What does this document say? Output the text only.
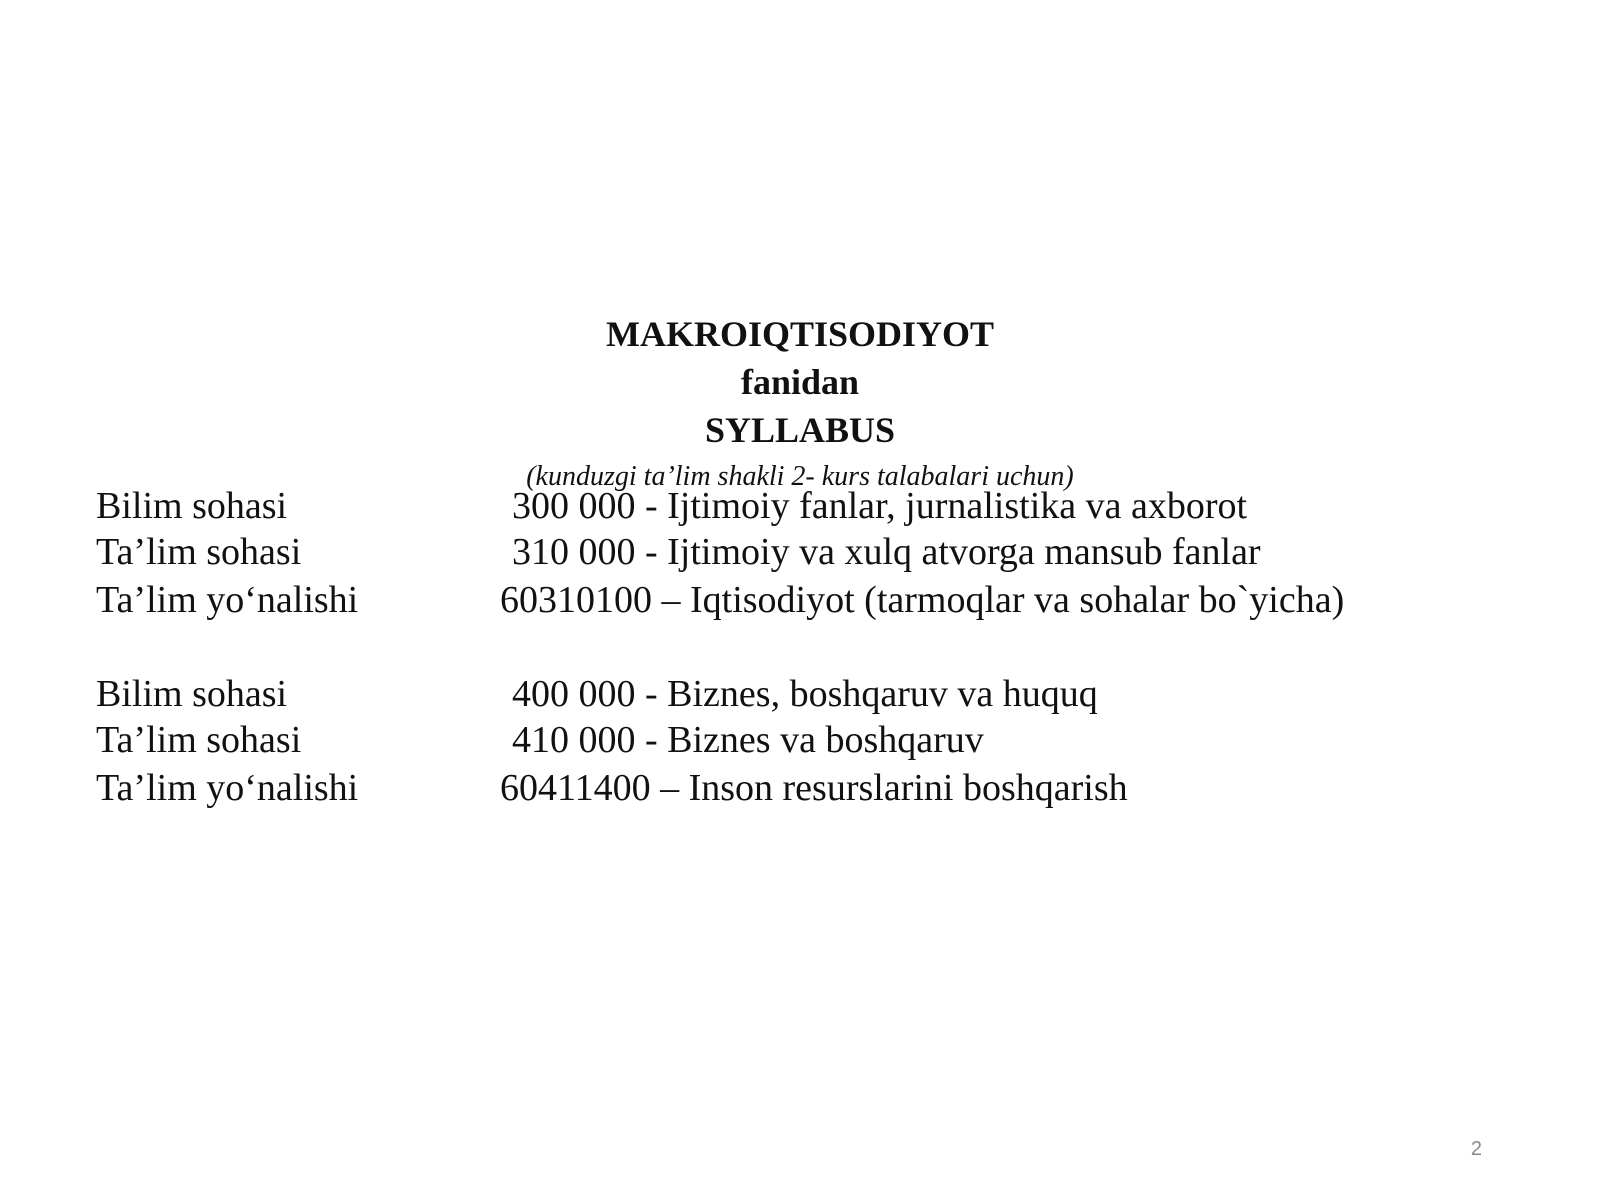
MAKROIQTISODIYOT
fanidan
SYLLABUS
(kunduzgi ta’lim shakli 2- kurs talabalari uchun)
Bilim sohasi	300 000 - Ijtimoiy fanlar, jurnalistika va axborot
Ta’lim sohasi	310 000 - Ijtimoiy va xulq atvorga mansub fanlar
Ta’lim yo‘nalishi	60310100 – Iqtisodiyot (tarmoqlar va sohalar bo`yicha)
Bilim sohasi	400 000 - Biznes, boshqaruv va huquq
Ta’lim sohasi	410 000 - Biznes va boshqaruv
Ta’lim yo‘nalishi	60411400 – Inson resurslarini boshqarish
2
